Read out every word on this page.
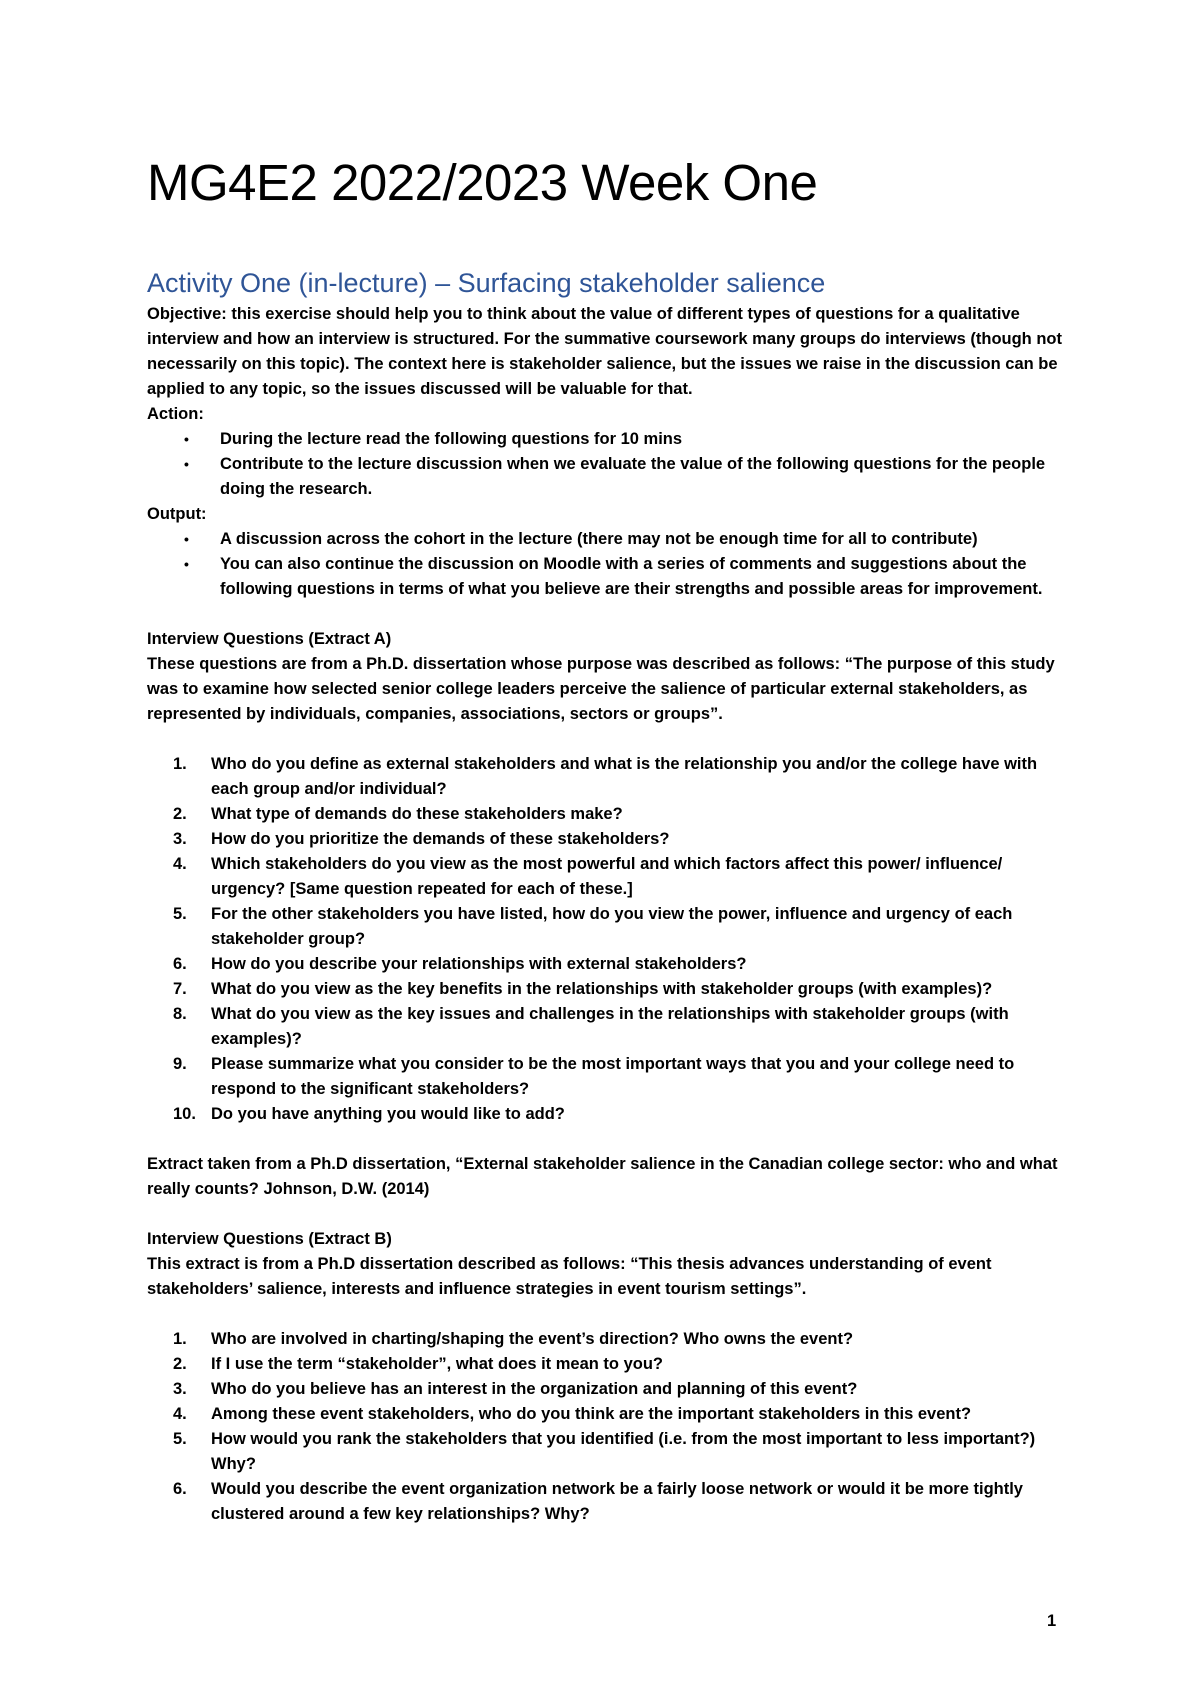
MG4E2 2022/2023 Week One
Activity One (in-lecture) – Surfacing stakeholder salience

Objective: this exercise should help you to think about the value of different types of questions for a qualitative interview and how an interview is structured. For the summative coursework many groups do interviews (though not necessarily on this topic). The context here is stakeholder salience, but the issues we raise in the discussion can be applied to any topic, so the issues discussed will be valuable for that.

Action:

• During the lecture read the following questions for 10 mins
• Contribute to the lecture discussion when we evaluate the value of the following questions for the people doing the research.

Output:

• A discussion across the cohort in the lecture (there may not be enough time for all to contribute)
• You can also continue the discussion on Moodle with a series of comments and suggestions about the following questions in terms of what you believe are their strengths and possible areas for improvement.

Interview Questions (Extract A)

These questions are from a Ph.D. dissertation whose purpose was described as follows: “The purpose of this study was to examine how selected senior college leaders perceive the salience of particular external stakeholders, as represented by individuals, companies, associations, sectors or groups”.

1. Who do you define as external stakeholders and what is the relationship you and/or the college have with each group and/or individual?
2. What type of demands do these stakeholders make?
3. How do you prioritize the demands of these stakeholders?
4. Which stakeholders do you view as the most powerful and which factors affect this power/ influence/ urgency? [Same question repeated for each of these.]
5. For the other stakeholders you have listed, how do you view the power, influence and urgency of each stakeholder group?
6. How do you describe your relationships with external stakeholders?
7. What do you view as the key benefits in the relationships with stakeholder groups (with examples)?
8. What do you view as the key issues and challenges in the relationships with stakeholder groups (with examples)?
9. Please summarize what you consider to be the most important ways that you and your college need to respond to the significant stakeholders?
10. Do you have anything you would like to add?

Extract taken from a Ph.D dissertation, “External stakeholder salience in the Canadian college sector: who and what really counts? Johnson, D.W. (2014)

Interview Questions (Extract B)

This extract is from a Ph.D dissertation described as follows: “This thesis advances understanding of event stakeholders’ salience, interests and influence strategies in event tourism settings”.

1. Who are involved in charting/shaping the event’s direction? Who owns the event?
2. If I use the term “stakeholder”, what does it mean to you?
3. Who do you believe has an interest in the organization and planning of this event?
4. Among these event stakeholders, who do you think are the important stakeholders in this event?
5. How would you rank the stakeholders that you identified (i.e. from the most important to less important?) Why?
6. Would you describe the event organization network be a fairly loose network or would it be more tightly clustered around a few key relationships? Why?
1
